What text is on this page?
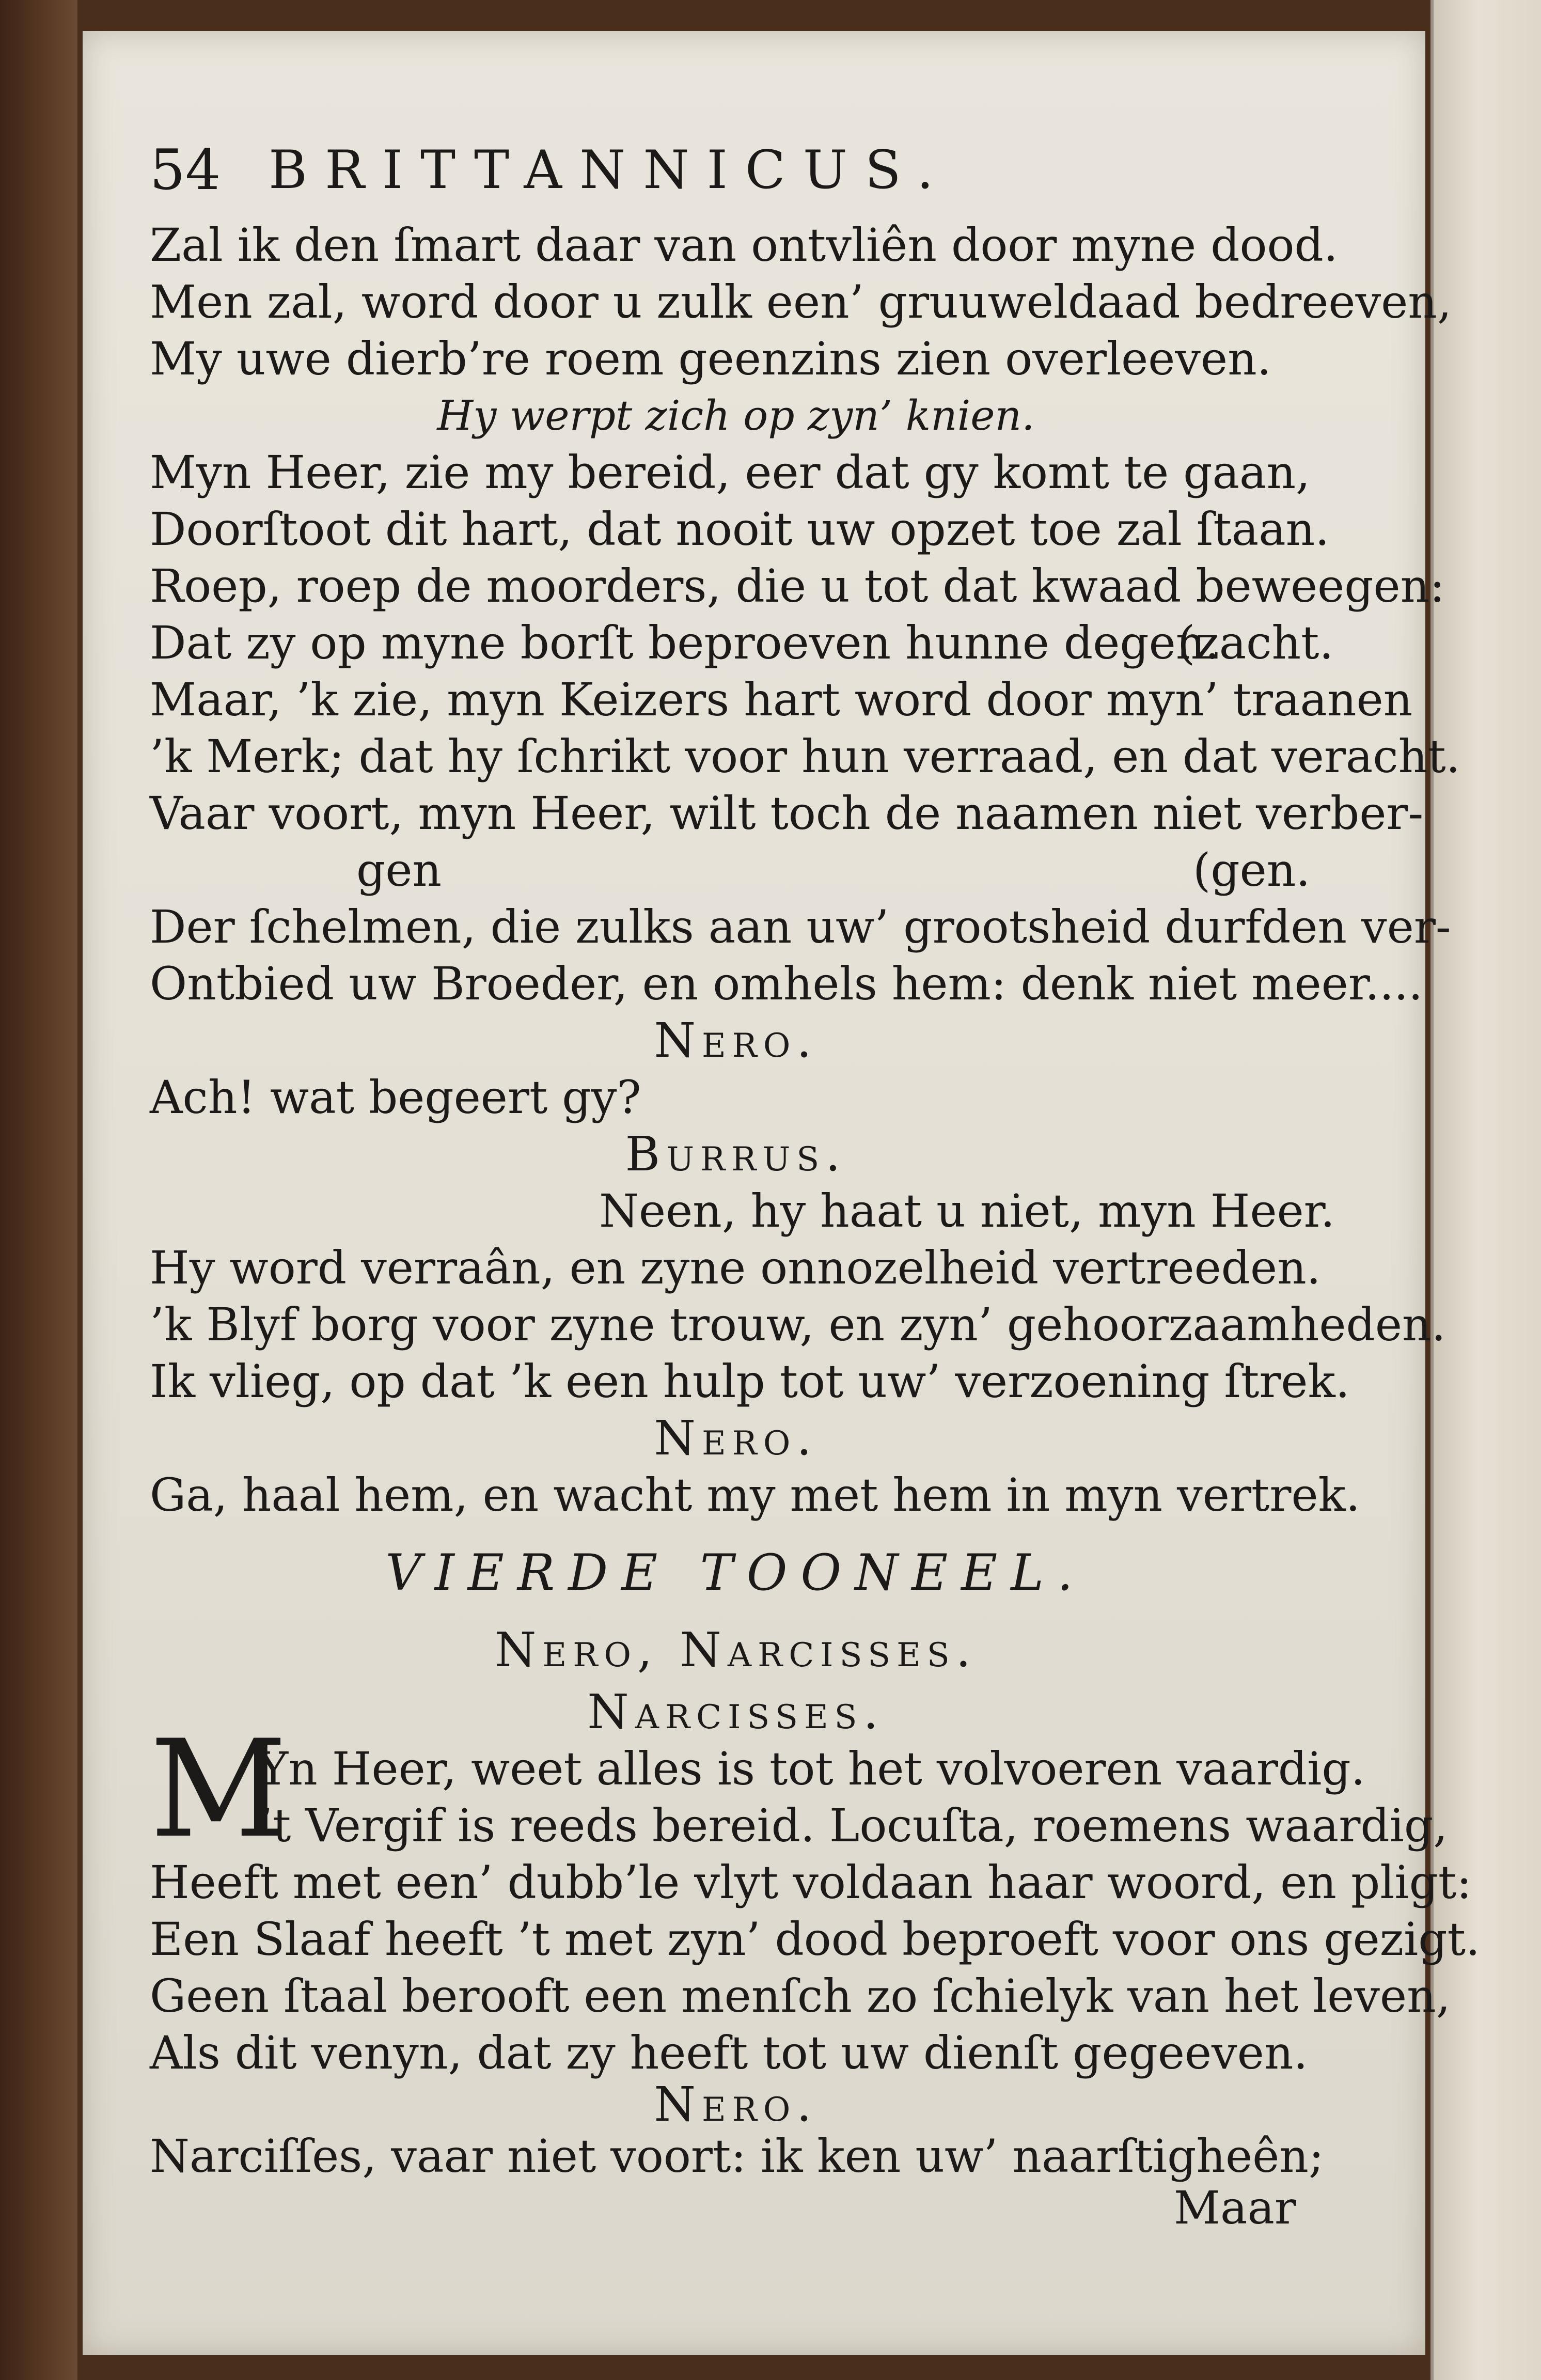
54 BRITTANNICUS.
Zal ik den ſmart daar van ontvliên door myne dood.
Men zal, word door u zulk een’ gruuweldaad bedreeven,
My uwe dierb’re roem geenzins zien overleeven.
Hy werpt zich op zyn’ knien.
Myn Heer, zie my bereid, eer dat gy komt te gaan,
Doorſtoot dit hart, dat nooit uw opzet toe zal ſtaan.
Roep, roep de moorders, die u tot dat kwaad beweegen:
Dat zy op myne borſt beproeven hunne degen.
(zacht.
Maar, ’k zie, myn Keizers hart word door myn’ traanen
’k Merk; dat hy ſchrikt voor hun verraad, en dat veracht.
Vaar voort, myn Heer, wilt toch de naamen niet verber-
gen	(gen.
Der ſchelmen, die zulks aan uw’ grootsheid durfden ver-
Ontbied uw Broeder, en omhels hem: denk niet meer....
Nero.
Ach! wat begeert gy?
Burrus.
Neen, hy haat u niet, myn Heer.
Hy word verraân, en zyne onnozelheid vertreeden.
’k Blyf borg voor zyne trouw, en zyn’ gehoorzaamheden.
Ik vlieg, op dat ’k een hulp tot uw’ verzoening ſtrek.
Nero.
Ga, haal hem, en wacht my met hem in myn vertrek.
VIERDE TOONEEL.
Nero, Narcisses.
Narcisses.
M
Yn Heer, weet alles is tot het volvoeren vaardig.
’t Vergif is reeds bereid. Locuſta, roemens waardig,
Heeft met een’ dubb’le vlyt voldaan haar woord, en pligt:
Een Slaaf heeft ’t met zyn’ dood beproeft voor ons gezigt.
Geen ſtaal berooft een menſch zo ſchielyk van het leven,
Als dit venyn, dat zy heeft tot uw dienſt gegeeven.
Nero.
Narciſſes, vaar niet voort: ik ken uw’ naarſtigheên;
Maar
